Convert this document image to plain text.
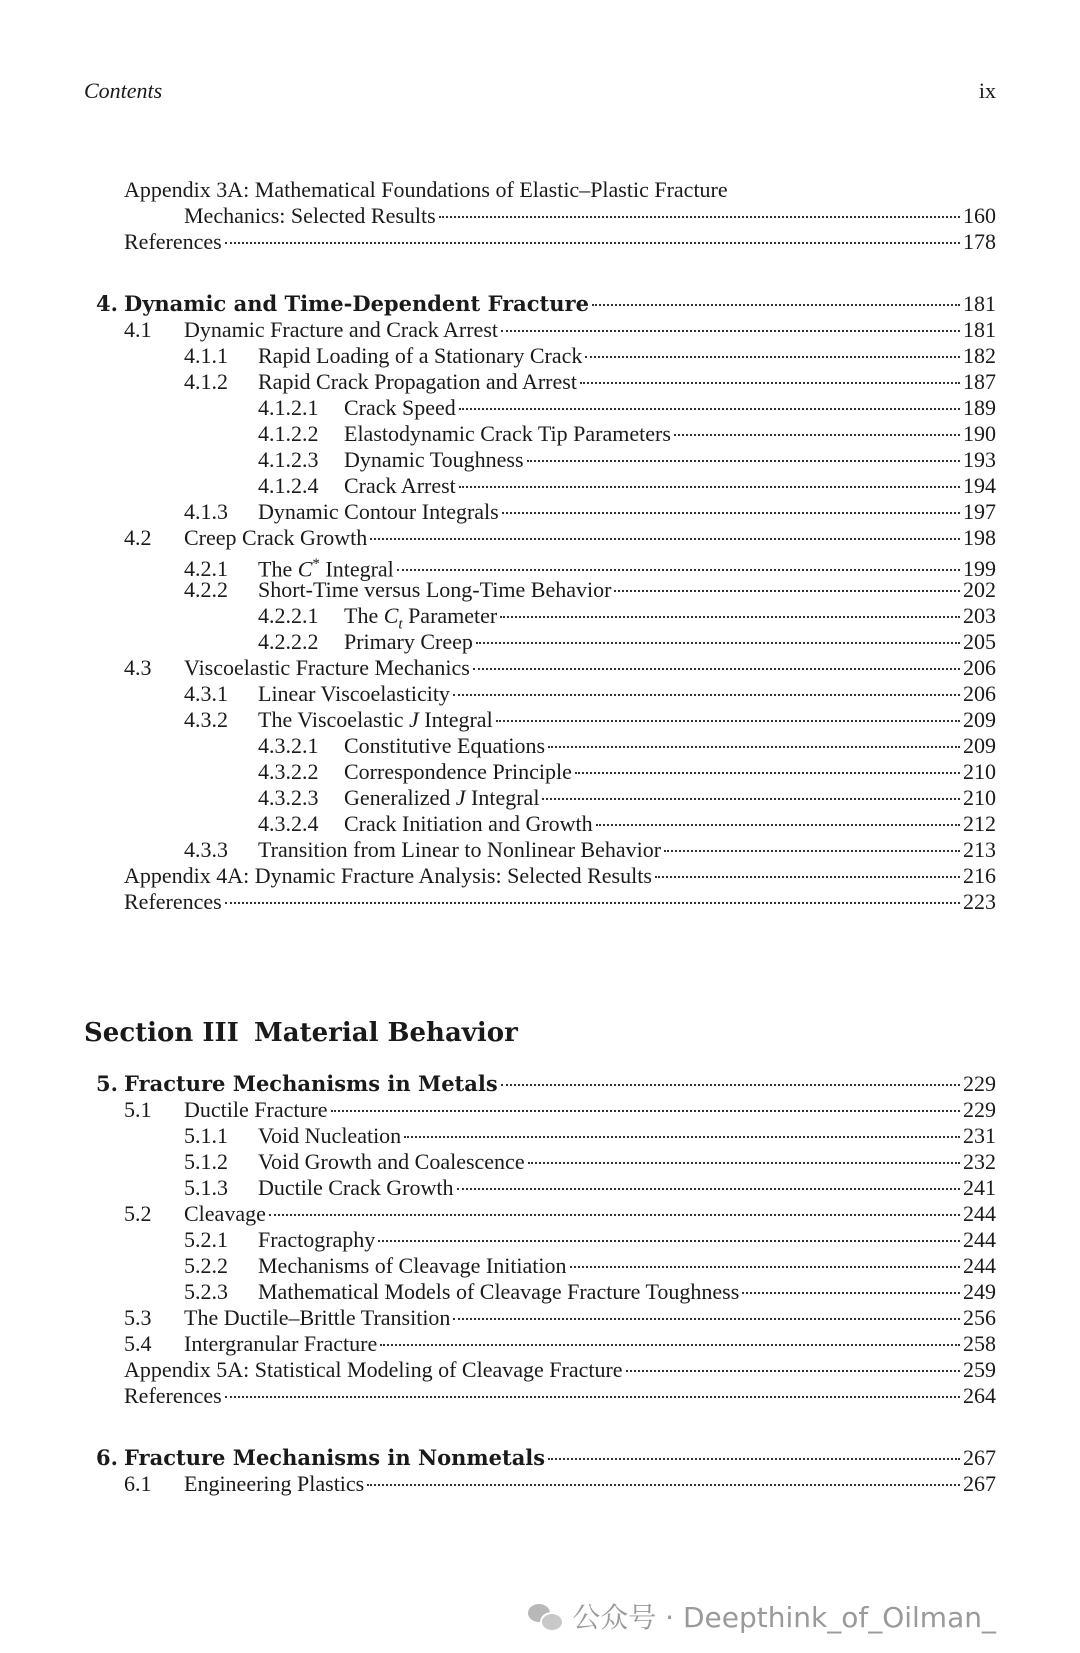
Contents	ix
Appendix 3A: Mathematical Foundations of Elastic–Plastic Fracture
Mechanics: Selected Results	160
References	178
4. Dynamic and Time-Dependent Fracture	181
4.1	Dynamic Fracture and Crack Arrest	181
4.1.1	Rapid Loading of a Stationary Crack	182
4.1.2	Rapid Crack Propagation and Arrest	187
4.1.2.1	Crack Speed	189
4.1.2.2	Elastodynamic Crack Tip Parameters	190
4.1.2.3	Dynamic Toughness	193
4.1.2.4	Crack Arrest	194
4.1.3	Dynamic Contour Integrals	197
4.2	Creep Crack Growth	198
4.2.1	The C* Integral	199
4.2.2	Short-Time versus Long-Time Behavior	202
4.2.2.1	The $C_t$ Parameter	203
4.2.2.2	Primary Creep	205
4.3	Viscoelastic Fracture Mechanics	206
4.3.1	Linear Viscoelasticity	206
4.3.2	The Viscoelastic J Integral	209
4.3.2.1	Constitutive Equations	209
4.3.2.2	Correspondence Principle	210
4.3.2.3	Generalized J Integral	210
4.3.2.4	Crack Initiation and Growth	212
4.3.3	Transition from Linear to Nonlinear Behavior	213
Appendix 4A: Dynamic Fracture Analysis: Selected Results	216
References	223
Section III Material Behavior
5. Fracture Mechanisms in Metals	229
5.1	Ductile Fracture	229
5.1.1	Void Nucleation	231
5.1.2	Void Growth and Coalescence	232
5.1.3	Ductile Crack Growth	241
5.2	Cleavage	244
5.2.1	Fractography	244
5.2.2	Mechanisms of Cleavage Initiation	244
5.2.3	Mathematical Models of Cleavage Fracture Toughness	249
5.3	The Ductile–Brittle Transition	256
5.4	Intergranular Fracture	258
Appendix 5A: Statistical Modeling of Cleavage Fracture	259
References	264
6. Fracture Mechanisms in Nonmetals	267
6.1	Engineering Plastics	267
公众号 · Deepthink_of_Oilman_
